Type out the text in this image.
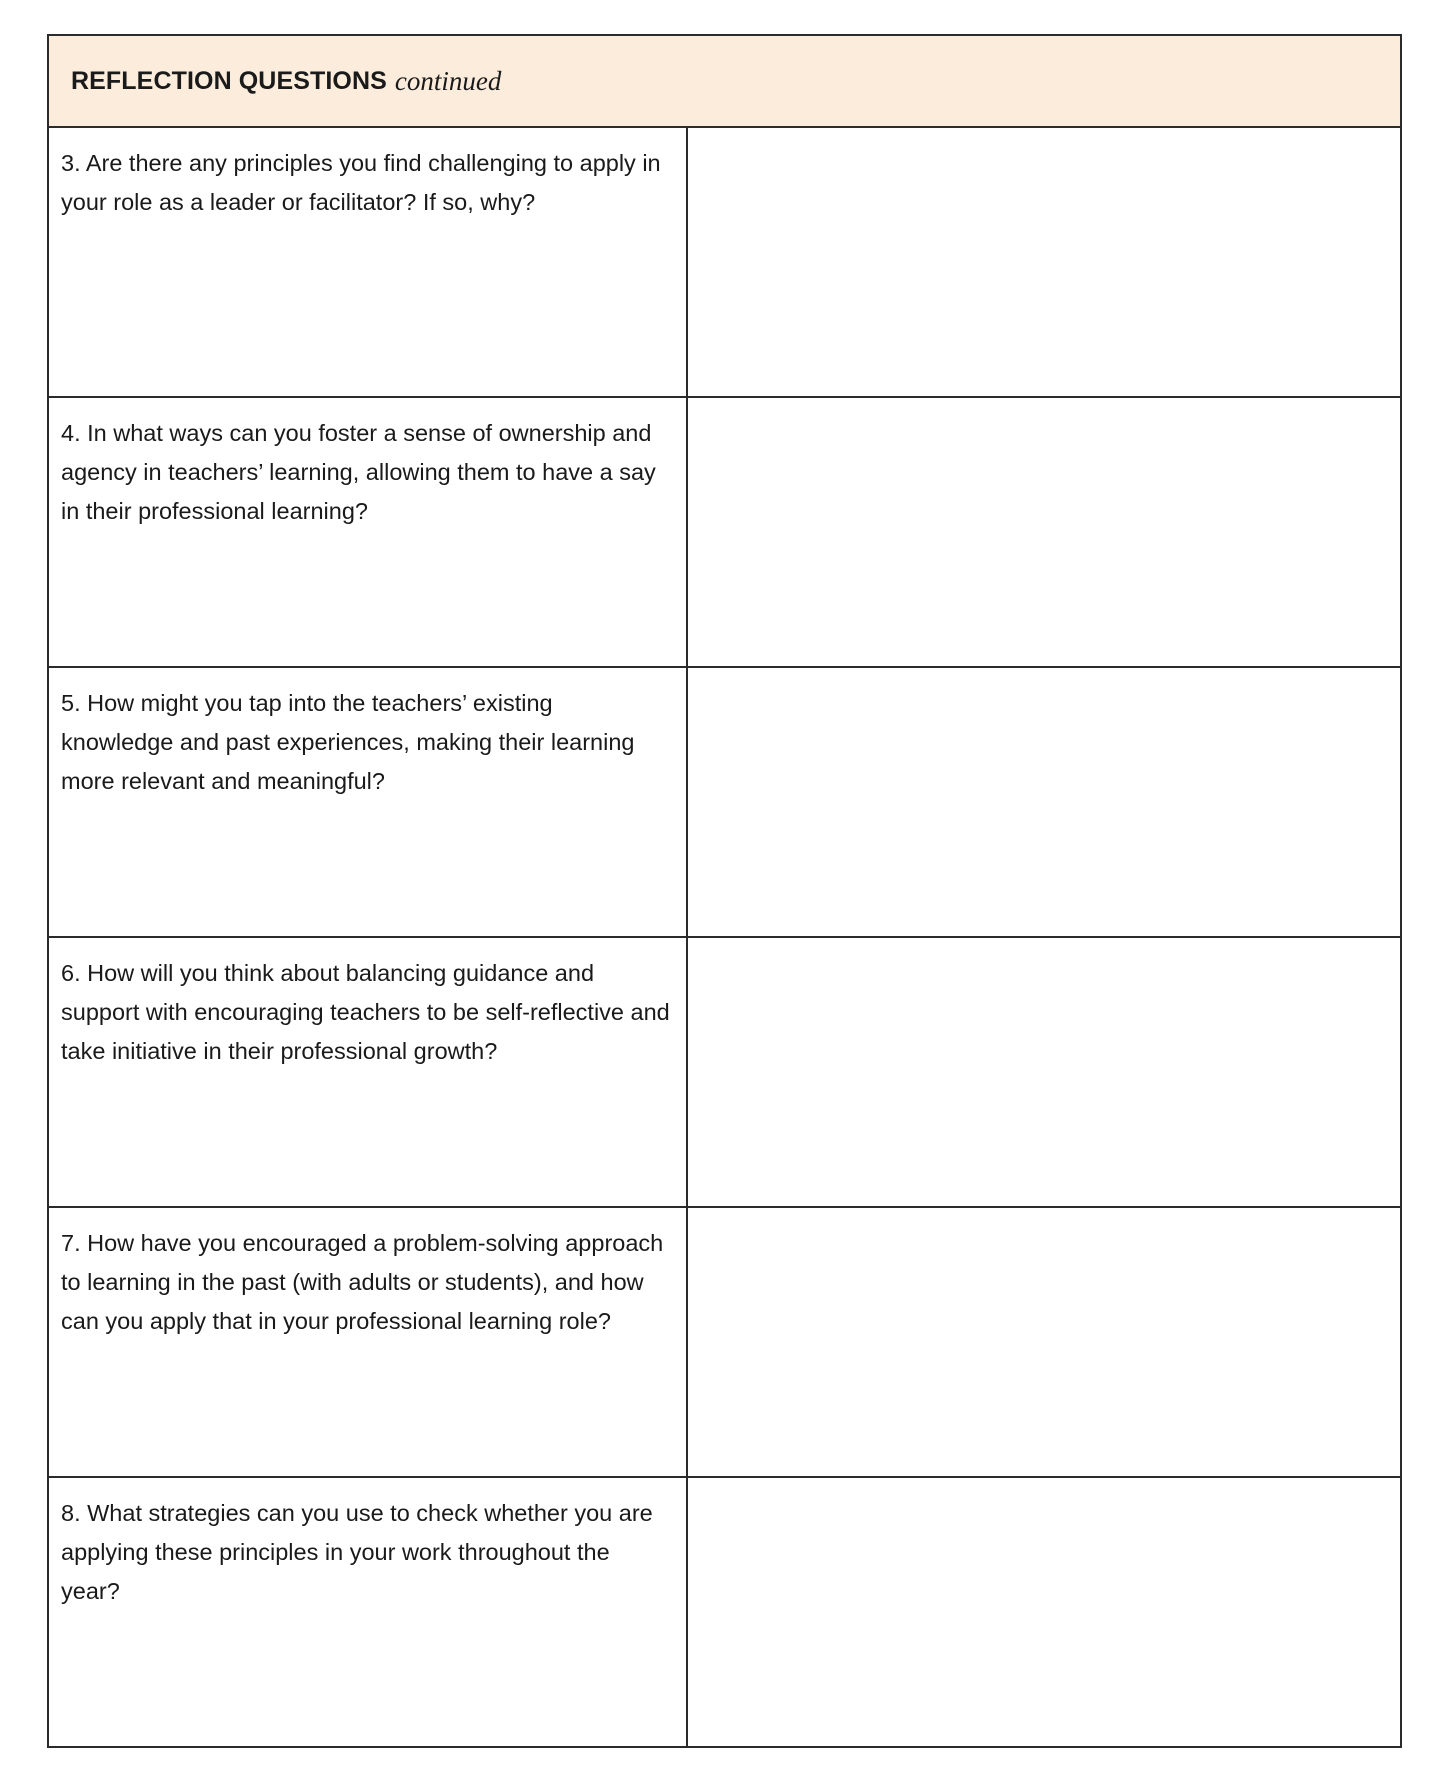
REFLECTION QUESTIONS continued
3. Are there any principles you find challenging to apply in your role as a leader or facilitator? If so, why?
4. In what ways can you foster a sense of ownership and agency in teachers’ learning, allowing them to have a say in their professional learning?
5. How might you tap into the teachers’ existing knowledge and past experiences, making their learning more relevant and meaningful?
6. How will you think about balancing guidance and support with encouraging teachers to be self-reflective and take initiative in their professional growth?
7. How have you encouraged a problem-solving approach to learning in the past (with adults or students), and how can you apply that in your professional learning role?
8. What strategies can you use to check whether you are applying these principles in your work throughout the year?
